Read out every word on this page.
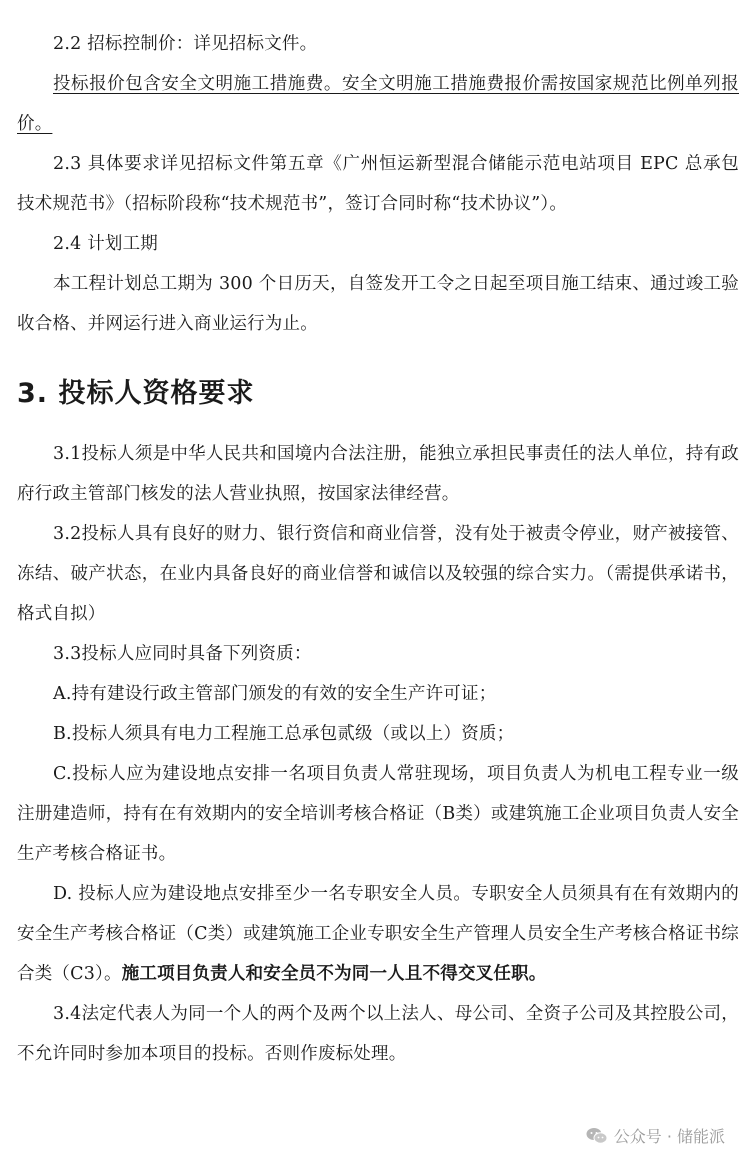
2.2 招标控制价：详见招标文件。

投标报价包含安全文明施工措施费。安全文明施工措施费报价需按国家规范比例单列报价。

2.3 具体要求详见招标文件第五章《广州恒运新型混合储能示范电站项目 EPC 总承包技术规范书》（招标阶段称“技术规范书”，签订合同时称“技术协议”）。

2.4 计划工期

本工程计划总工期为 300 个日历天，自签发开工令之日起至项目施工结束、通过竣工验收合格、并网运行进入商业运行为止。

3. 投标人资格要求

3.1投标人须是中华人民共和国境内合法注册，能独立承担民事责任的法人单位，持有政府行政主管部门核发的法人营业执照，按国家法律经营。

3.2投标人具有良好的财力、银行资信和商业信誉，没有处于被责令停业，财产被接管、冻结、破产状态，在业内具备良好的商业信誉和诚信以及较强的综合实力。（需提供承诺书，格式自拟）

3.3投标人应同时具备下列资质：

A.持有建设行政主管部门颁发的有效的安全生产许可证；

B.投标人须具有电力工程施工总承包贰级（或以上）资质；

C.投标人应为建设地点安排一名项目负责人常驻现场，项目负责人为机电工程专业一级注册建造师，持有在有效期内的安全培训考核合格证（B类）或建筑施工企业项目负责人安全生产考核合格证书。

D. 投标人应为建设地点安排至少一名专职安全人员。专职安全人员须具有在有效期内的安全生产考核合格证（C类）或建筑施工企业专职安全生产管理人员安全生产考核合格证书综合类（C3）。施工项目负责人和安全员不为同一人且不得交叉任职。

3.4法定代表人为同一个人的两个及两个以上法人、母公司、全资子公司及其控股公司，不允许同时参加本项目的投标。否则作废标处理。

公众号 · 储能派
